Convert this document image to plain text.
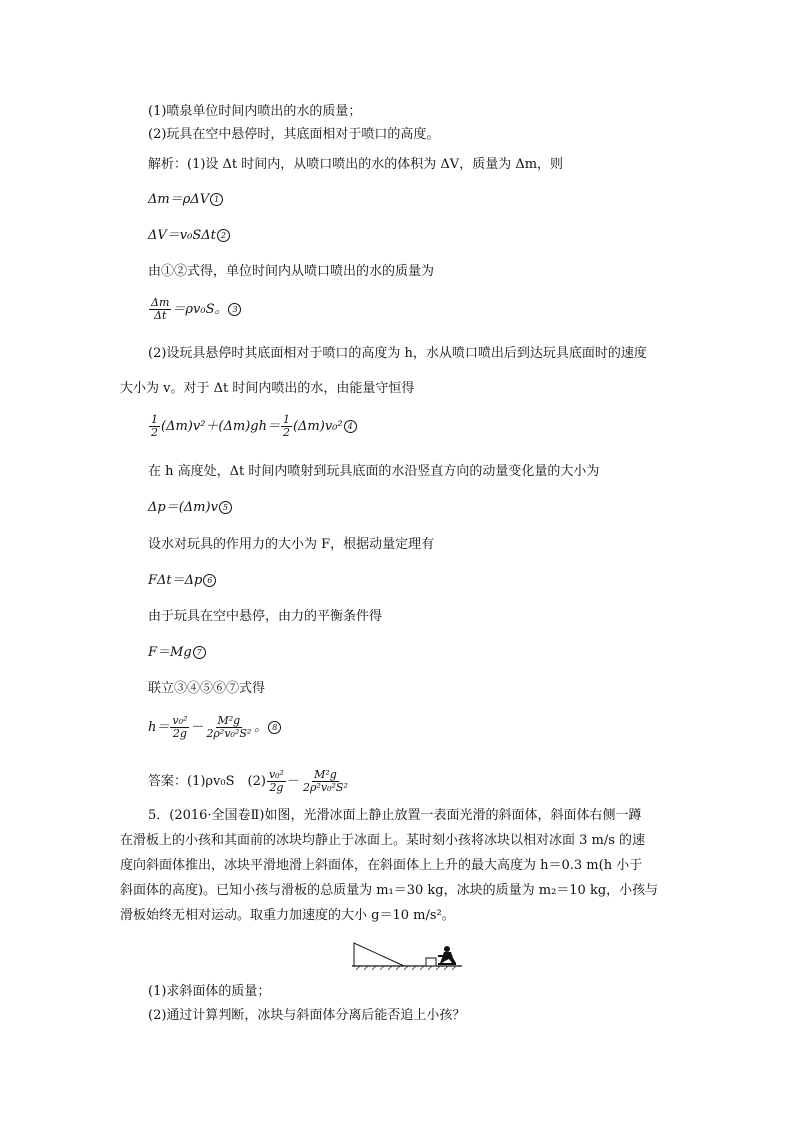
(1)喷泉单位时间内喷出的水的质量；
(2)玩具在空中悬停时，其底面相对于喷口的高度。
解析：(1)设 Δt 时间内，从喷口喷出的水的体积为 ΔV，质量为 Δm，则
Δm＝ρΔV 1
ΔV＝v₀SΔt 2
由①②式得，单位时间内从喷口喷出的水的质量为
$\frac{\Delta m}{\Delta t} =\rho v_0S$。 3
(2)设玩具悬停时其底面相对于喷口的高度为 h，水从喷口喷出后到达玩具底面时的速度
大小为 v。对于 Δt 时间内喷出的水，由能量守恒得
$\frac{1}{2} (\Delta m)v^2+(\Delta m)gh= \frac{1}{2} (\Delta m)v_0^2$ 4
在 h 高度处，Δt 时间内喷射到玩具底面的水沿竖直方向的动量变化量的大小为
Δp＝(Δm)v 5
设水对玩具的作用力的大小为 F，根据动量定理有
FΔt＝Δp 6
由于玩具在空中悬停，由力的平衡条件得
F＝Mg 7
联立③④⑤⑥⑦式得
$h= \frac{\text{v₀²}}{2g} - \frac{\text{M²g}}{\text{2ρ²v₀²S²}}$ 。 8
答案：(1)ρv₀S　$(2) \frac{\text{v₀²}}{2g} - \frac{\text{M²g}}{\text{2ρ²v₀²S²}}$
5．(2016·全国卷Ⅱ)如图，光滑冰面上静止放置一表面光滑的斜面体，斜面体右侧一蹲
在滑板上的小孩和其面前的冰块均静止于冰面上。某时刻小孩将冰块以相对冰面 3 m/s 的速
度向斜面体推出，冰块平滑地滑上斜面体，在斜面体上上升的最大高度为 h＝0.3 m(h 小于
斜面体的高度)。已知小孩与滑板的总质量为 m₁＝30 kg，冰块的质量为 m₂＝10 kg，小孩与
滑板始终无相对运动。取重力加速度的大小 g＝10 m/s²。
(1)求斜面体的质量；
(2)通过计算判断，冰块与斜面体分离后能否追上小孩？
